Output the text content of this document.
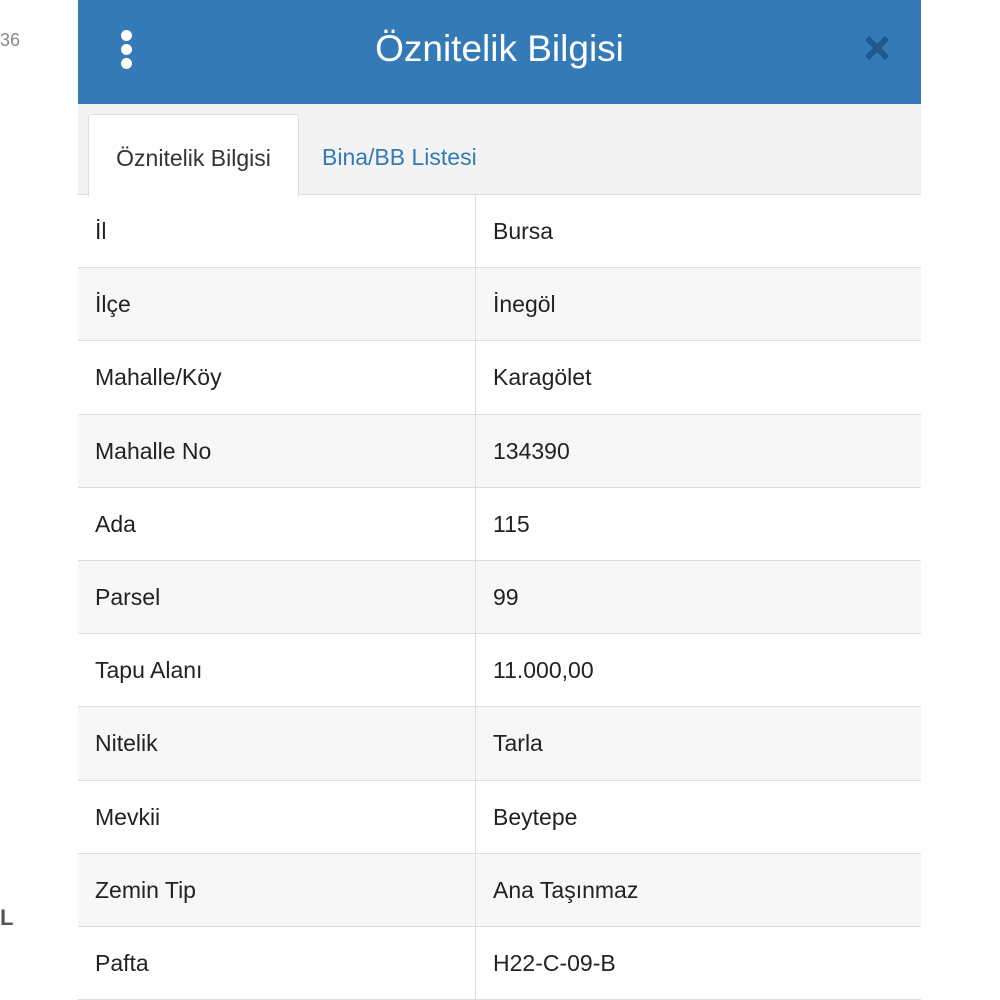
36
L
Öznitelik Bilgisi
Öznitelik Bilgisi	Bina/BB Listesi
İl	Bursa
İlçe	İnegöl
Mahalle/Köy	Karagölet
Mahalle No	134390
Ada	115
Parsel	99
Tapu Alanı	11.000,00
Nitelik	Tarla
Mevkii	Beytepe
Zemin Tip	Ana Taşınmaz
Pafta	H22-C-09-B
